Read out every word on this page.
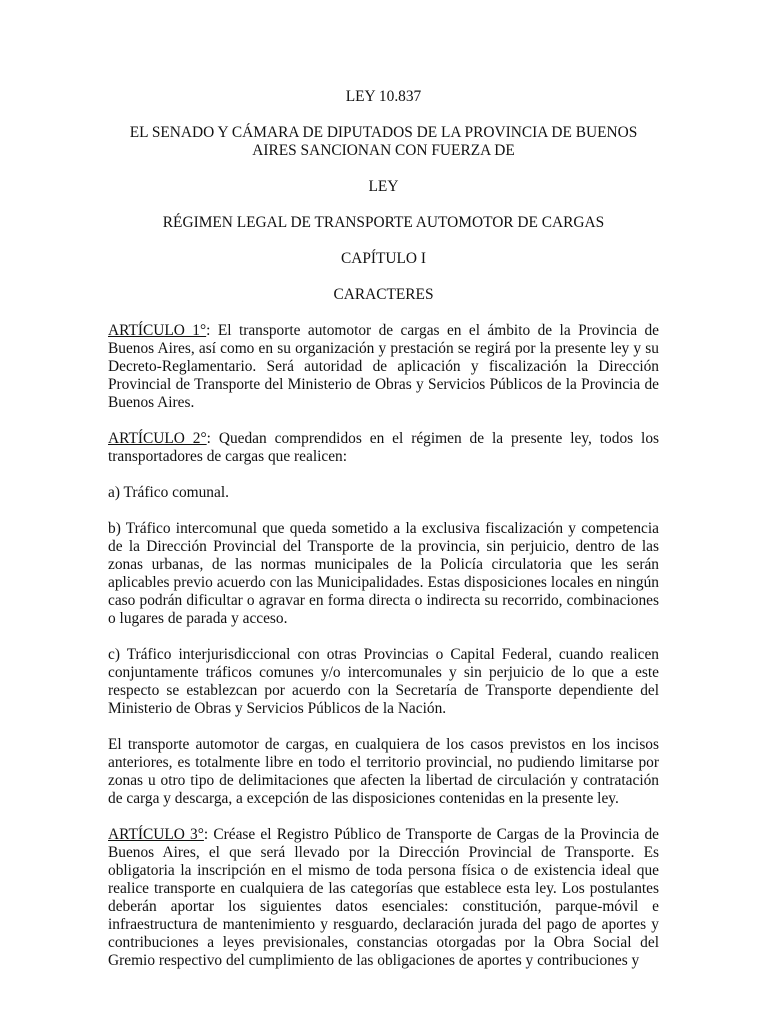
LEY 10.837
EL SENADO Y CÁMARA DE DIPUTADOS DE LA PROVINCIA DE BUENOS
AIRES SANCIONAN CON FUERZA DE
LEY
RÉGIMEN LEGAL DE TRANSPORTE AUTOMOTOR DE CARGAS
CAPÍTULO I
CARACTERES

ARTÍCULO 1°: El transporte automotor de cargas en el ámbito de la Provincia de Buenos Aires, así como en su organización y prestación se regirá por la presente ley y su Decreto-Reglamentario. Será autoridad de aplicación y fiscalización la Dirección Provincial de Transporte del Ministerio de Obras y Servicios Públicos de la Provincia de Buenos Aires.

ARTÍCULO 2°: Quedan comprendidos en el régimen de la presente ley, todos los transportadores de cargas que realicen:

a) Tráfico comunal.

b) Tráfico intercomunal que queda sometido a la exclusiva fiscalización y competencia de la Dirección Provincial del Transporte de la provincia, sin perjuicio, dentro de las zonas urbanas, de las normas municipales de la Policía circulatoria que les serán aplicables previo acuerdo con las Municipalidades. Estas disposiciones locales en ningún caso podrán dificultar o agravar en forma directa o indirecta su recorrido, combinaciones o lugares de parada y acceso.

c) Tráfico interjurisdiccional con otras Provincias o Capital Federal, cuando realicen conjuntamente tráficos comunes y/o intercomunales y sin perjuicio de lo que a este respecto se establezcan por acuerdo con la Secretaría de Transporte dependiente del Ministerio de Obras y Servicios Públicos de la Nación.

El transporte automotor de cargas, en cualquiera de los casos previstos en los incisos anteriores, es totalmente libre en todo el territorio provincial, no pudiendo limitarse por zonas u otro tipo de delimitaciones que afecten la libertad de circulación y contratación de carga y descarga, a excepción de las disposiciones contenidas en la presente ley.

ARTÍCULO 3°: Créase el Registro Público de Transporte de Cargas de la Provincia de Buenos Aires, el que será llevado por la Dirección Provincial de Transporte. Es obligatoria la inscripción en el mismo de toda persona física o de existencia ideal que realice transporte en cualquiera de las categorías que establece esta ley. Los postulantes deberán aportar los siguientes datos esenciales: constitución, parque-móvil e infraestructura de mantenimiento y resguardo, declaración jurada del pago de aportes y contribuciones a leyes previsionales, constancias otorgadas por la Obra Social del Gremio respectivo del cumplimiento de las obligaciones de aportes y contribuciones y
